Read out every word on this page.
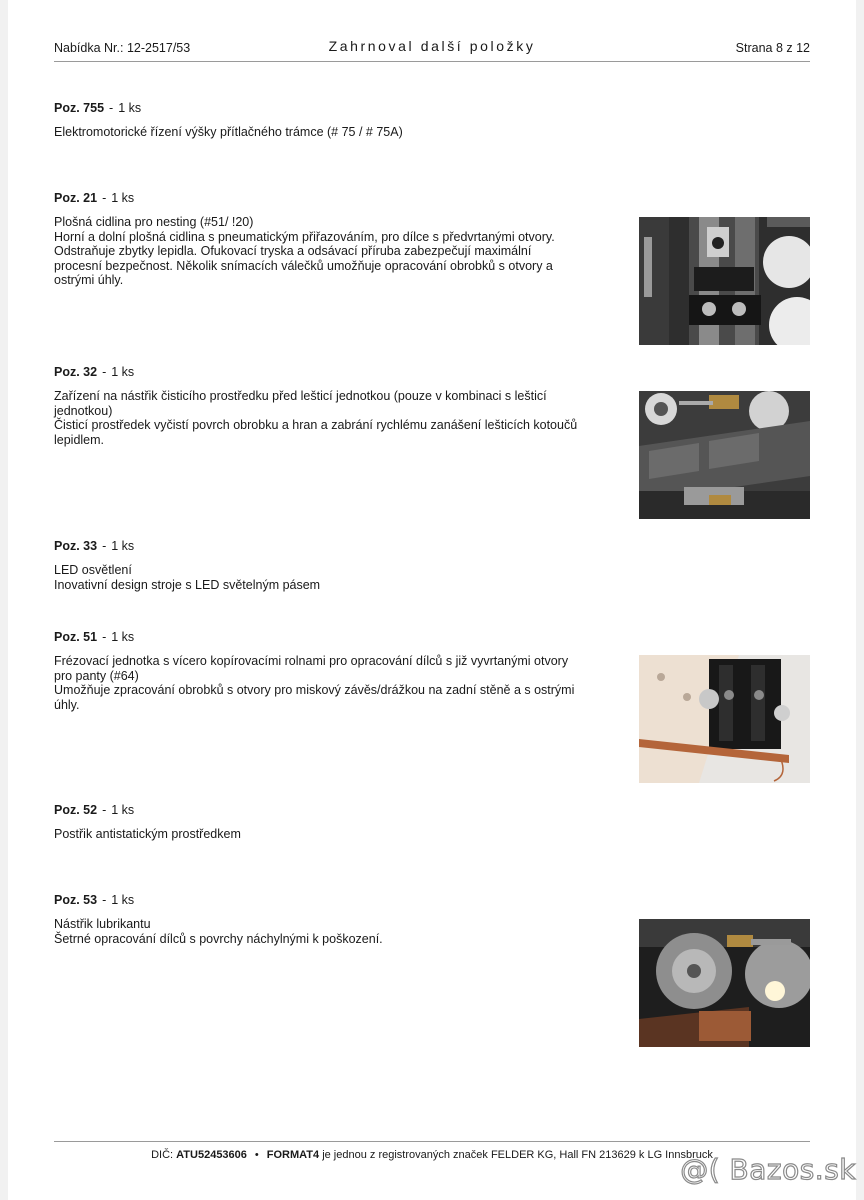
Nabídka Nr.: 12-2517/53	Zahrnoval další položky	Strana 8 z 12
Poz. 755 - 1 ks
Elektromotorické řízení výšky přítlačného trámce (# 75 / # 75A)
Poz. 21 - 1 ks
Plošná cidlina pro nesting (#51/ !20)
Horní a dolní plošná cidlina s pneumatickým přiřazováním, pro dílce s předvrtanými otvory.
Odstraňuje zbytky lepidla. Ofukovací tryska a odsávací příruba zabezpečují maximální
procesní bezpečnost. Několik snímacích válečků umožňuje opracování obrobků s otvory a
ostrými úhly.
Poz. 32 - 1 ks
Zařízení na nástřik čisticího prostředku před lešticí jednotkou (pouze v kombinaci s lešticí
jednotkou)
Čisticí prostředek vyčistí povrch obrobku a hran a zabrání rychlému zanášení lešticích kotoučů
lepidlem.
Poz. 33 - 1 ks
LED osvětlení
Inovativní design stroje s LED světelným pásem
Poz. 51 - 1 ks
Frézovací jednotka s vícero kopírovacími rolnami pro opracování dílců s již vyvrtanými otvory
pro panty (#64)
Umožňuje zpracování obrobků s otvory pro miskový závěs/drážkou na zadní stěně a s ostrými
úhly.
Poz. 52 - 1 ks
Postřik antistatickým prostředkem
Poz. 53 - 1 ks
Nástřik lubrikantu
Šetrné opracování dílců s povrchy náchylnými k poškození.
DIČ: ATU52453606 • FORMAT4 je jednou z registrovaných značek FELDER KG, Hall FN 213629 k LG Innsbruck
@( Bazos.sk
